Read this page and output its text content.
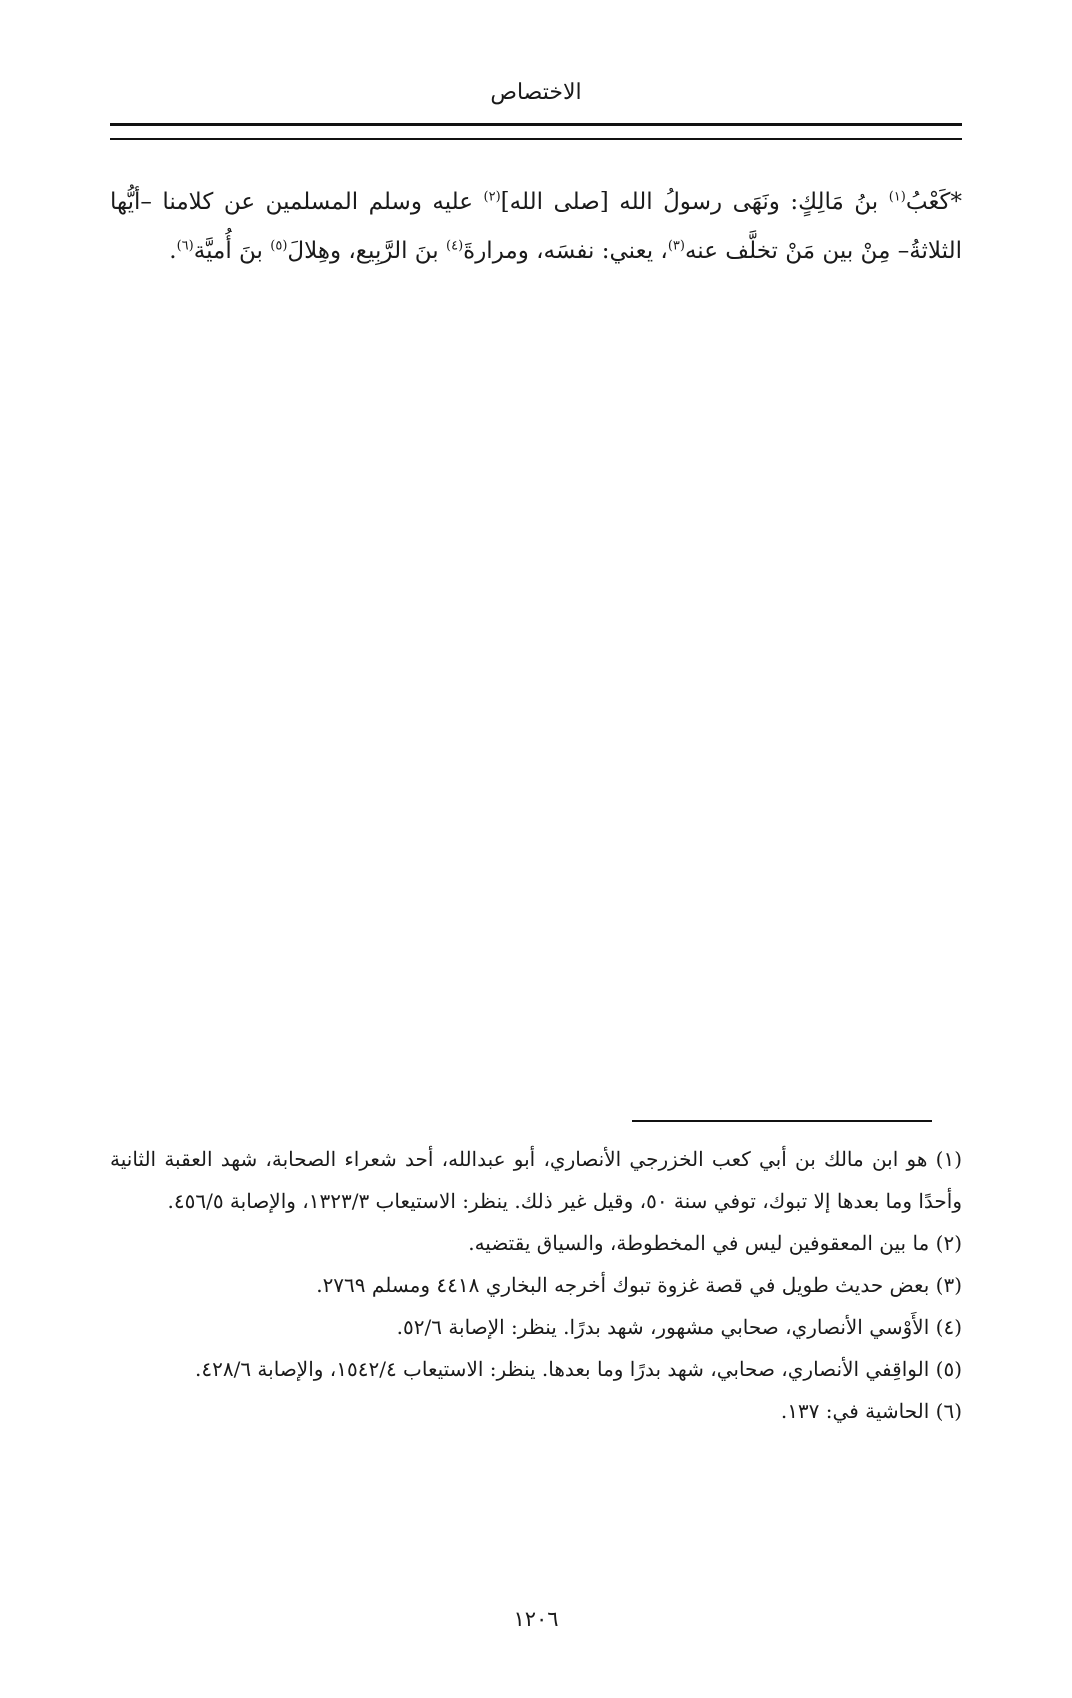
الاختصاص

*كَعْبُ$^{(١)}$ بنُ مَالِكٍ: ونَهَى رسولُ الله [صلى الله]$^{(٢)}$ عليه وسلم المسلمين عن كلامنا –أيُّها الثلاثةُ– مِنْ بين مَنْ تخلَّف عنه$^{(٣)}$، يعني: نفسَه، ومرارةَ$^{(٤)}$ بنَ الرَّبِيع، وهِلالَ$^{(٥)}$ بنَ أُميَّة$^{(٦)}$.

(١) هو ابن مالك بن أبي كعب الخزرجي الأنصاري، أبو عبدالله، أحد شعراء الصحابة، شهد العقبة الثانية وأحدًا وما بعدها إلا تبوك، توفي سنة ٥٠، وقيل غير ذلك. ينظر: الاستيعاب ١٣٢٣/٣، والإصابة ٤٥٦/٥.
(٢) ما بين المعقوفين ليس في المخطوطة، والسياق يقتضيه.
(٣) بعض حديث طويل في قصة غزوة تبوك أخرجه البخاري ٤٤١٨ ومسلم ٢٧٦٩.
(٤) الأَوْسي الأنصاري، صحابي مشهور، شهد بدرًا. ينظر: الإصابة ٥٢/٦.
(٥) الواقِفي الأنصاري، صحابي، شهد بدرًا وما بعدها. ينظر: الاستيعاب ١٥٤٢/٤، والإصابة ٤٢٨/٦.
(٦) الحاشية في: ١٣٧.
١٢٠٦
